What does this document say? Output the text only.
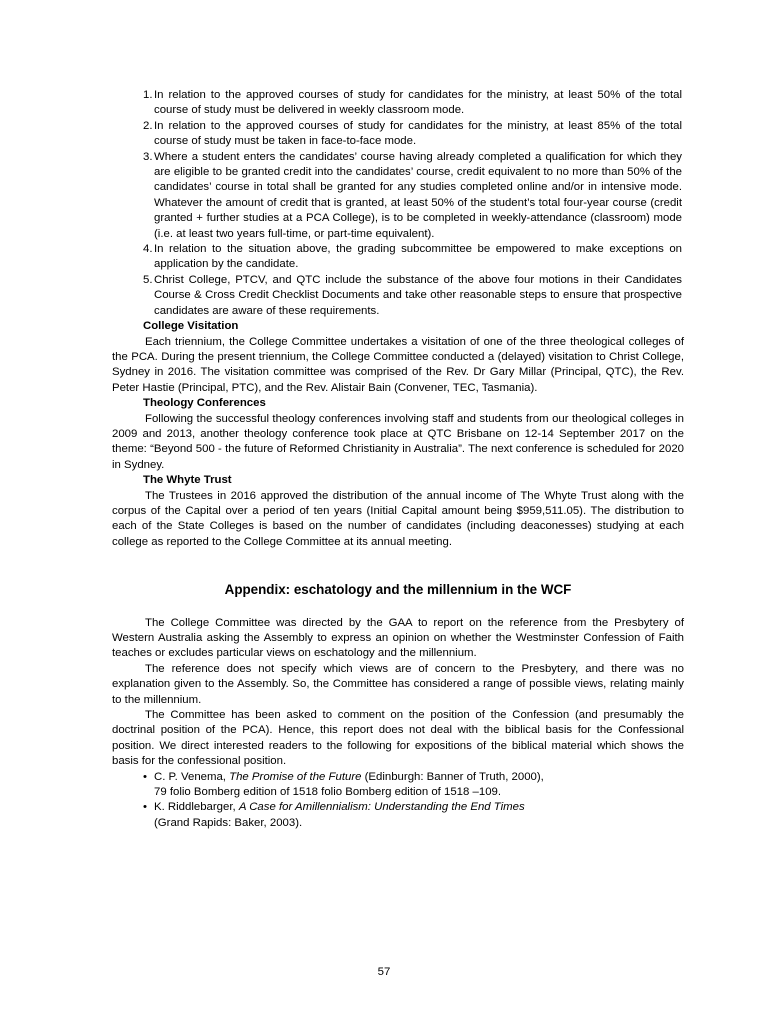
1. In relation to the approved courses of study for candidates for the ministry, at least 50% of the total course of study must be delivered in weekly classroom mode.
2. In relation to the approved courses of study for candidates for the ministry, at least 85% of the total course of study must be taken in face-to-face mode.
3. Where a student enters the candidates’ course having already completed a qualification for which they are eligible to be granted credit into the candidates’ course, credit equivalent to no more than 50% of the candidates’ course in total shall be granted for any studies completed online and/or in intensive mode. Whatever the amount of credit that is granted, at least 50% of the student’s total four-year course (credit granted + further studies at a PCA College), is to be completed in weekly-attendance (classroom) mode (i.e. at least two years full-time, or part-time equivalent).
4. In relation to the situation above, the grading subcommittee be empowered to make exceptions on application by the candidate.
5. Christ College, PTCV, and QTC include the substance of the above four motions in their Candidates Course & Cross Credit Checklist Documents and take other reasonable steps to ensure that prospective candidates are aware of these requirements.
College Visitation

Each triennium, the College Committee undertakes a visitation of one of the three theological colleges of the PCA. During the present triennium, the College Committee conducted a (delayed) visitation to Christ College, Sydney in 2016. The visitation committee was comprised of the Rev. Dr Gary Millar (Principal, QTC), the Rev. Peter Hastie (Principal, PTC), and the Rev. Alistair Bain (Convener, TEC, Tasmania).

Theology Conferences

Following the successful theology conferences involving staff and students from our theological colleges in 2009 and 2013, another theology conference took place at QTC Brisbane on 12-14 September 2017 on the theme: “Beyond 500 - the future of Reformed Christianity in Australia”. The next conference is scheduled for 2020 in Sydney.

The Whyte Trust

The Trustees in 2016 approved the distribution of the annual income of The Whyte Trust along with the corpus of the Capital over a period of ten years (Initial Capital amount being $959,511.05). The distribution to each of the State Colleges is based on the number of candidates (including deaconesses) studying at each college as reported to the College Committee at its annual meeting.

Appendix: eschatology and the millennium in the WCF

The College Committee was directed by the GAA to report on the reference from the Presbytery of Western Australia asking the Assembly to express an opinion on whether the Westminster Confession of Faith teaches or excludes particular views on eschatology and the millennium.

The reference does not specify which views are of concern to the Presbytery, and there was no explanation given to the Assembly. So, the Committee has considered a range of possible views, relating mainly to the millennium.

The Committee has been asked to comment on the position of the Confession (and presumably the doctrinal position of the PCA). Hence, this report does not deal with the biblical basis for the Confessional position. We direct interested readers to the following for expositions of the biblical material which shows the basis for the confessional position.

• C. P. Venema, The Promise of the Future (Edinburgh: Banner of Truth, 2000),
79 folio Bomberg edition of 1518 folio Bomberg edition of 1518 –109.
• K. Riddlebarger, A Case for Amillennialism: Understanding the End Times
(Grand Rapids: Baker, 2003).
57
